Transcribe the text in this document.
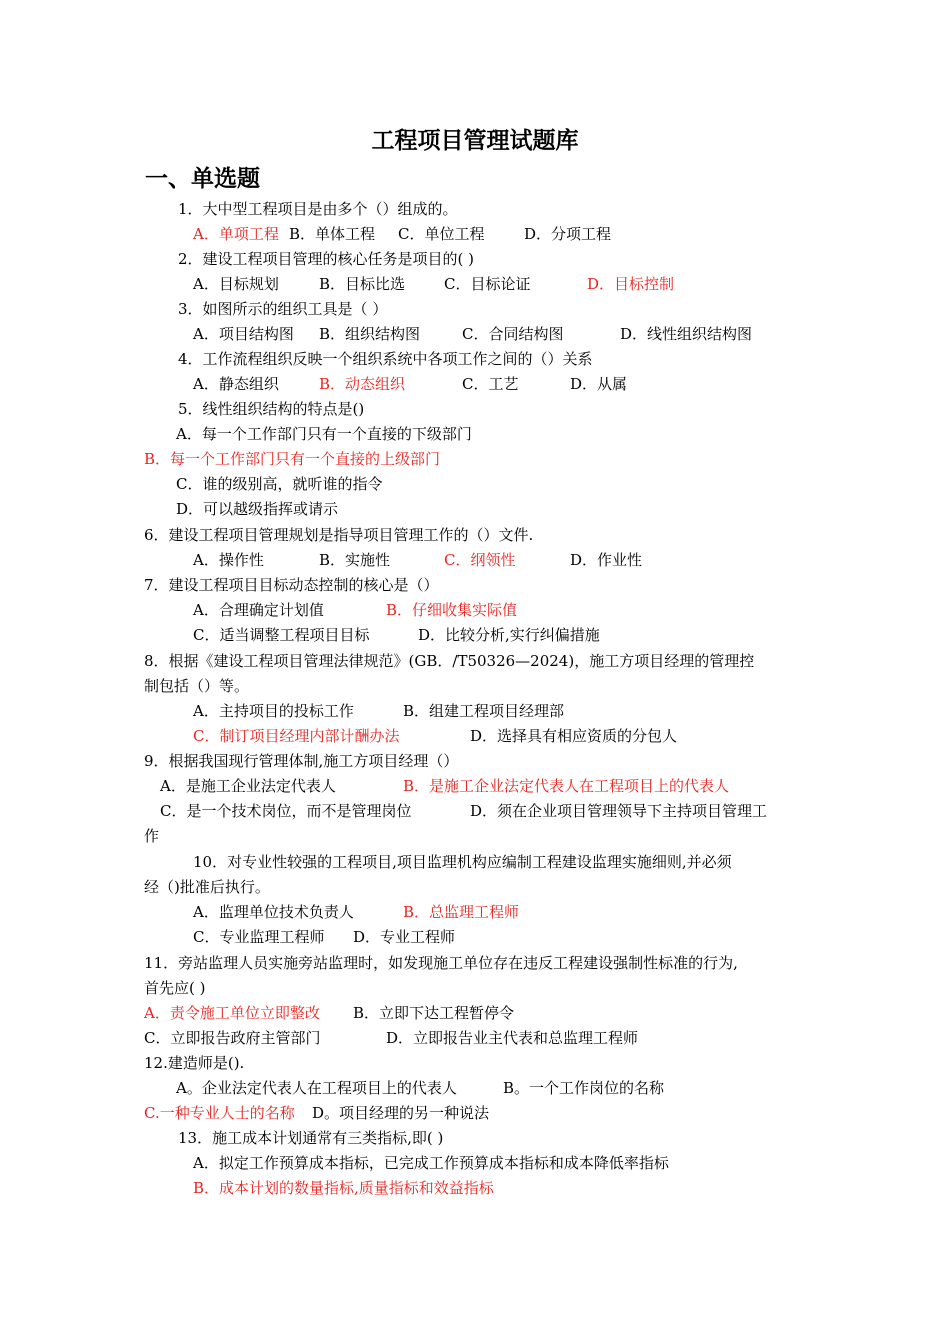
工程项目管理试题库
一、单选题
1．大中型工程项目是由多个（）组成的。
A．单项工程 B．单体工程 C．单位工程	D．分项工程
2．建设工程项目管理的核心任务是项目的( )
A．目标规划	B．目标比选	C．目标论证	D．目标控制
3．如图所示的组织工具是（ ）
A．项目结构图 B．组织结构图	C．合同结构图	D．线性组织结构图
4．工作流程组织反映一个组织系统中各项工作之间的（）关系
A．静态组织	B．动态组织	C．工艺	D．从属
5．线性组织结构的特点是()
A．每一个工作部门只有一个直接的下级部门
B．每一个工作部门只有一个直接的上级部门
C．谁的级别高，就听谁的指令
D．可以越级指挥或请示
6．建设工程项目管理规划是指导项目管理工作的（）文件.
A．操作性	B．实施性	C．纲领性	D．作业性
7．建设工程项目目标动态控制的核心是（）
A．合理确定计划值	B．仔细收集实际值
C．适当调整工程项目目标	D．比较分析,实行纠偏措施
8．根据《建设工程项目管理法律规范》(GB．/T50326—2024)，施工方项目经理的管理控
制包括（）等。
A．主持项目的投标工作	B．组建工程项目经理部
C．制订项目经理内部计酬办法	D．选择具有相应资质的分包人
9．根据我国现行管理体制,施工方项目经理（）
A．是施工企业法定代表人	B．是施工企业法定代表人在工程项目上的代表人
C．是一个技术岗位，而不是管理岗位	D．须在企业项目管理领导下主持项目管理工
作
10．对专业性较强的工程项目,项目监理机构应编制工程建设监理实施细则,并必须
经（)批准后执行。
A．监理单位技术负责人	B．总监理工程师
C．专业监理工程师 D．专业工程师
11．旁站监理人员实施旁站监理时，如发现施工单位存在违反工程建设强制性标准的行为,
首先应( )
A．责令施工单位立即整改 B．立即下达工程暂停令
C．立即报告政府主管部门	D．立即报告业主代表和总监理工程师
12.建造师是().
A。企业法定代表人在工程项目上的代表人	B。一个工作岗位的名称
C.一种专业人士的名称 D。项目经理的另一种说法
13．施工成本计划通常有三类指标,即( )
A．拟定工作预算成本指标，已完成工作预算成本指标和成本降低率指标
B．成本计划的数量指标,质量指标和效益指标
